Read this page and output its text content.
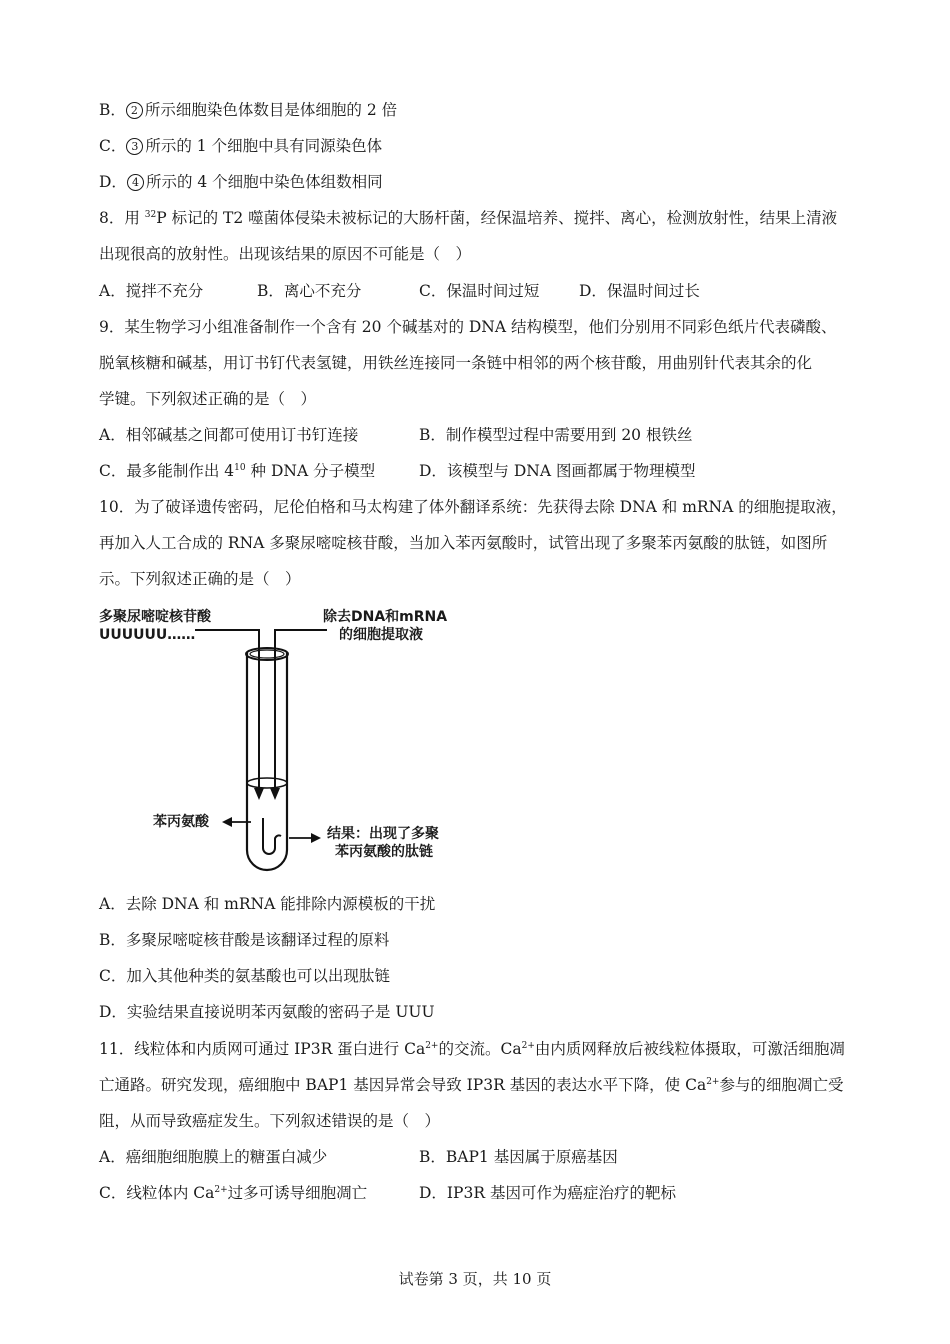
B． 2 所示细胞染色体数目是体细胞的 2 倍
C． 3 所示的 1 个细胞中具有同源染色体
D． 4 所示的 4 个细胞中染色体组数相同
8．用 $^{32}$P 标记的 T2 噬菌体侵染未被标记的大肠杆菌，经保温培养、搅拌、离心，检测放射性，结果上清液
出现很高的放射性。出现该结果的原因不可能是（　）
A．搅拌不充分	B．离心不充分	C．保温时间过短	D．保温时间过长
9．某生物学习小组准备制作一个含有 20 个碱基对的 DNA 结构模型，他们分别用不同彩色纸片代表磷酸、
脱氧核糖和碱基，用订书钉代表氢键，用铁丝连接同一条链中相邻的两个核苷酸，用曲别针代表其余的化
学键。下列叙述正确的是（　）
A．相邻碱基之间都可使用订书钉连接	B．制作模型过程中需要用到 20 根铁丝
C．最多能制作出 $4^{10}$ 种 DNA 分子模型	D．该模型与 DNA 图画都属于物理模型
10．为了破译遗传密码，尼伦伯格和马太构建了体外翻译系统：先获得去除 DNA 和 mRNA 的细胞提取液，
再加入人工合成的 RNA 多聚尿嘧啶核苷酸，当加入苯丙氨酸时，试管出现了多聚苯丙氨酸的肽链，如图所
示。下列叙述正确的是（　）
多聚尿嘧啶核苷酸
UUUUUU……
除去DNA和mRNA
的细胞提取液
苯丙氨酸
结果：出现了多聚
苯丙氨酸的肽链
A．去除 DNA 和 mRNA 能排除内源模板的干扰
B．多聚尿嘧啶核苷酸是该翻译过程的原料
C．加入其他种类的氨基酸也可以出现肽链
D．实验结果直接说明苯丙氨酸的密码子是 UUU
11．线粒体和内质网可通过 IP3R 蛋白进行 $Ca^{2+}$的交流。$Ca^{2+}$由内质网释放后被线粒体摄取，可激活细胞凋
亡通路。研究发现，癌细胞中 BAP1 基因异常会导致 IP3R 基因的表达水平下降，使 $Ca^{2+}$参与的细胞凋亡受
阻，从而导致癌症发生。下列叙述错误的是（　）
A．癌细胞细胞膜上的糖蛋白减少	B．BAP1 基因属于原癌基因
C．线粒体内 $Ca^{2+}$过多可诱导细胞凋亡	D．IP3R 基因可作为癌症治疗的靶标
试卷第 3 页，共 10 页
